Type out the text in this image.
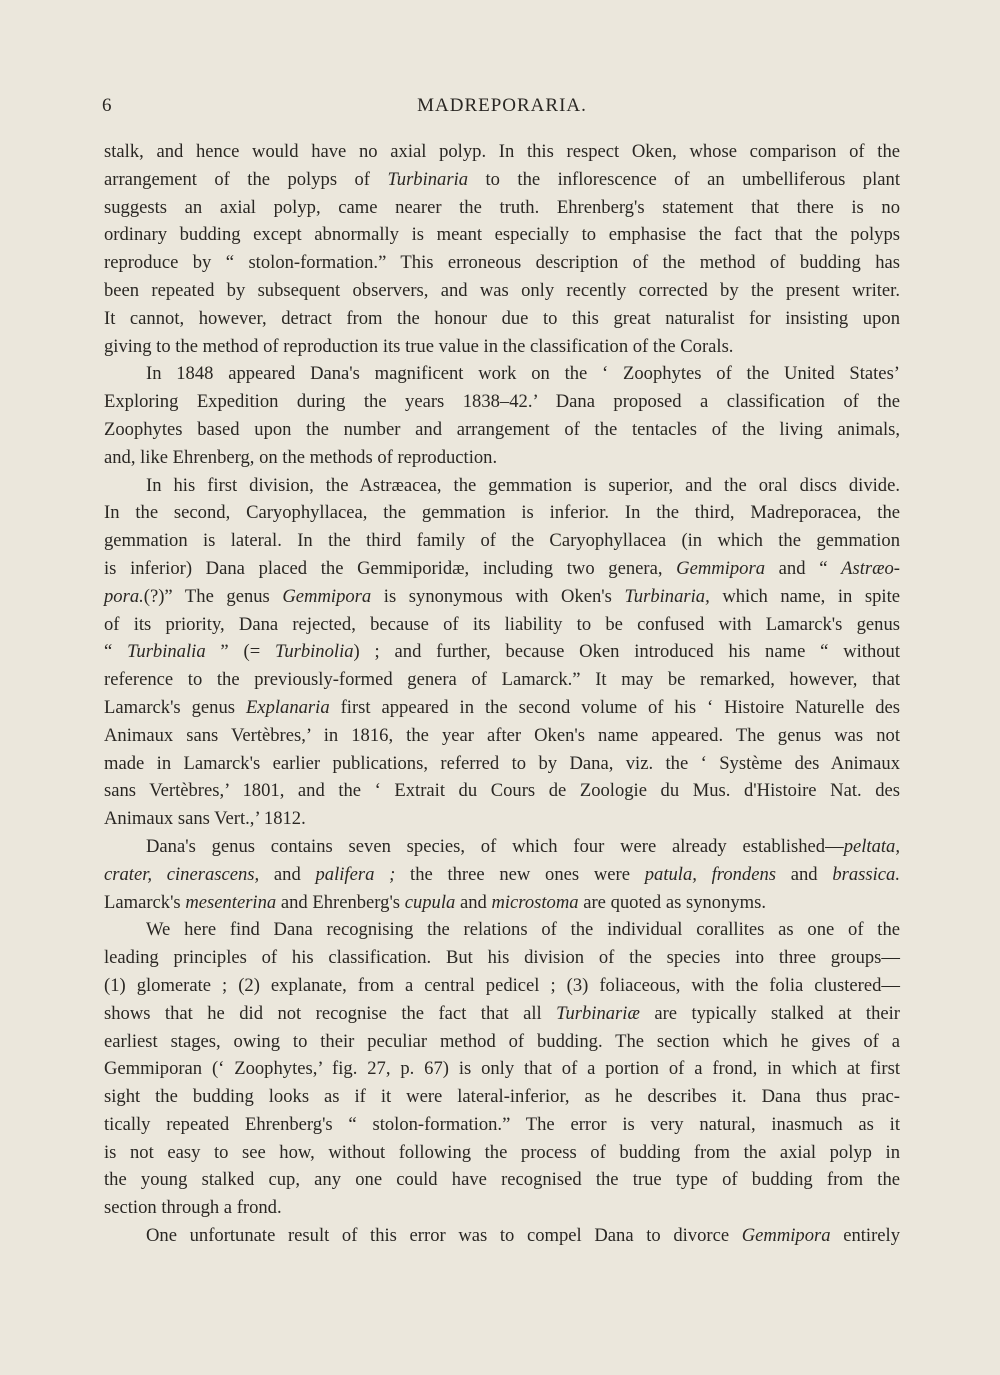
6	MADREPORARIA.
stalk, and hence would have no axial polyp. In this respect Oken, whose comparison of the
arrangement of the polyps of Turbinaria to the inflorescence of an umbelliferous plant
suggests an axial polyp, came nearer the truth. Ehrenberg's statement that there is no
ordinary budding except abnormally is meant especially to emphasise the fact that the polyps
reproduce by “ stolon-formation.” This erroneous description of the method of budding has
been repeated by subsequent observers, and was only recently corrected by the present writer.
It cannot, however, detract from the honour due to this great naturalist for insisting upon
giving to the method of reproduction its true value in the classification of the Corals.
In 1848 appeared Dana's magnificent work on the ‘ Zoophytes of the United States’
Exploring Expedition during the years 1838–42.’ Dana proposed a classification of the
Zoophytes based upon the number and arrangement of the tentacles of the living animals,
and, like Ehrenberg, on the methods of reproduction.
In his first division, the Astræacea, the gemmation is superior, and the oral discs divide.
In the second, Caryophyllacea, the gemmation is inferior. In the third, Madreporacea, the
gemmation is lateral. In the third family of the Caryophyllacea (in which the gemmation
is inferior) Dana placed the Gemmiporidæ, including two genera, Gemmipora and “ Astræo-
pora.(?)” The genus Gemmipora is synonymous with Oken's Turbinaria, which name, in spite
of its priority, Dana rejected, because of its liability to be confused with Lamarck's genus
“ Turbinalia ” (= Turbinolia) ; and further, because Oken introduced his name “ without
reference to the previously-formed genera of Lamarck.” It may be remarked, however, that
Lamarck's genus Explanaria first appeared in the second volume of his ‘ Histoire Naturelle des
Animaux sans Vertèbres,’ in 1816, the year after Oken's name appeared. The genus was not
made in Lamarck's earlier publications, referred to by Dana, viz. the ‘ Système des Animaux
sans Vertèbres,’ 1801, and the ‘ Extrait du Cours de Zoologie du Mus. d'Histoire Nat. des
Animaux sans Vert.,’ 1812.
Dana's genus contains seven species, of which four were already established—peltata,
crater, cinerascens, and palifera ; the three new ones were patula, frondens and brassica.
Lamarck's mesenterina and Ehrenberg's cupula and microstoma are quoted as synonyms.
We here find Dana recognising the relations of the individual corallites as one of the
leading principles of his classification. But his division of the species into three groups—
(1) glomerate ; (2) explanate, from a central pedicel ; (3) foliaceous, with the folia clustered—
shows that he did not recognise the fact that all Turbinariæ are typically stalked at their
earliest stages, owing to their peculiar method of budding. The section which he gives of a
Gemmiporan (‘ Zoophytes,’ fig. 27, p. 67) is only that of a portion of a frond, in which at first
sight the budding looks as if it were lateral-inferior, as he describes it. Dana thus prac-
tically repeated Ehrenberg's “ stolon-formation.” The error is very natural, inasmuch as it
is not easy to see how, without following the process of budding from the axial polyp in
the young stalked cup, any one could have recognised the true type of budding from the
section through a frond.
One unfortunate result of this error was to compel Dana to divorce Gemmipora entirely
